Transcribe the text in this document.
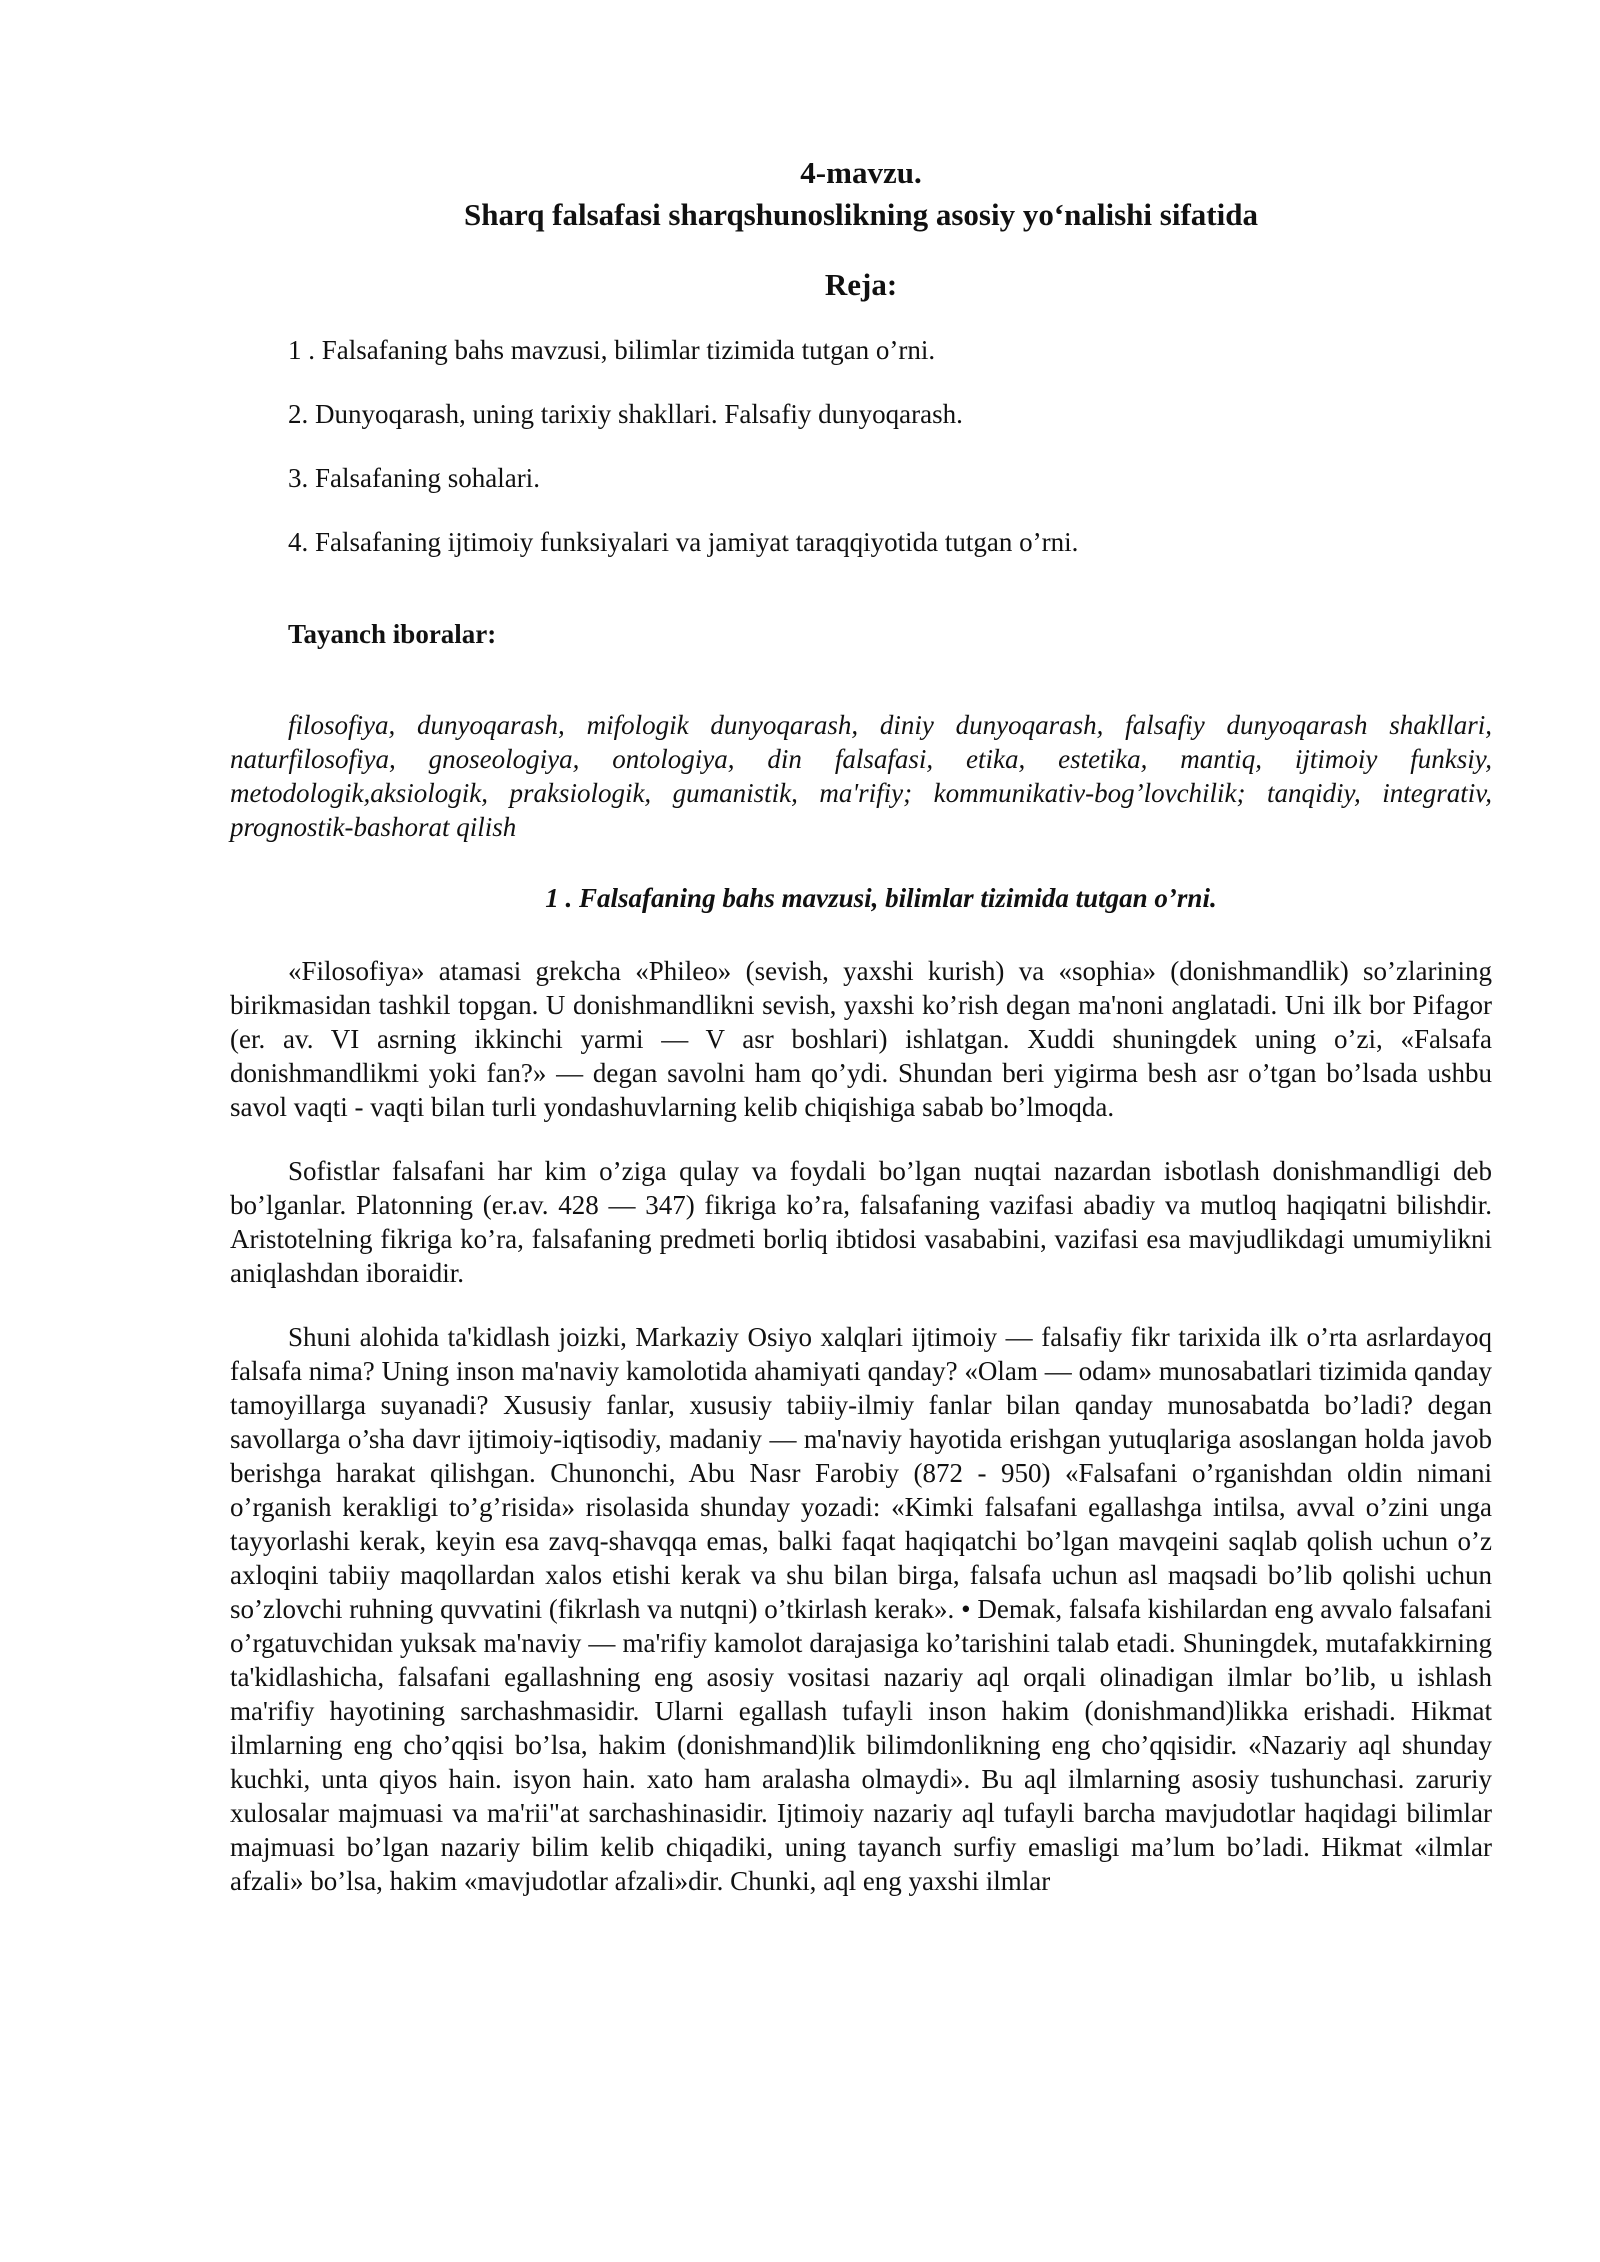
4-mavzu.
Sharq falsafasi sharqshunoslikning asosiy yo‘nalishi sifatida
Reja:
1 . Falsafaning bahs mavzusi, bilimlar tizimida tutgan o’rni.
2. Dunyoqarash, uning tarixiy shakllari. Falsafiy dunyoqarash.
3. Falsafaning sohalari.
4. Falsafaning ijtimoiy funksiyalari va jamiyat taraqqiyotida tutgan o’rni.
Tayanch iboralar:

filosofiya, dunyoqarash, mifologik dunyoqarash, diniy dunyoqarash, falsafiy dunyoqarash shakllari, naturfilosofiya, gnoseologiya, ontologiya, din falsafasi, etika, estetika, mantiq, ijtimoiy funksiy, metodologik,aksiologik, praksiologik, gumanistik, ma'rifiy; kommunikativ-bog’lovchilik; tanqidiy, integrativ, prognostik-bashorat qilish

1 . Falsafaning bahs mavzusi, bilimlar tizimida tutgan o’rni.

«Filosofiya» atamasi grekcha «Phileo» (sevish, yaxshi kurish) va «sophia» (donishmandlik) so’zlarining birikmasidan tashkil topgan. U donishmandlikni sevish, yaxshi ko’rish degan ma'noni anglatadi. Uni ilk bor Pifagor (er. av. VI asrning ikkinchi yarmi — V asr boshlari) ishlatgan. Xuddi shuningdek uning o’zi, «Falsafa donishmandlikmi yoki fan?» — degan savolni ham qo’ydi. Shundan beri yigirma besh asr o’tgan bo’lsada ushbu savol vaqti - vaqti bilan turli yondashuvlarning kelib chiqishiga sabab bo’lmoqda.

Sofistlar falsafani har kim o’ziga qulay va foydali bo’lgan nuqtai nazardan isbotlash donishmandligi deb bo’lganlar. Platonning (er.av. 428 — 347) fikriga ko’ra, falsafaning vazifasi abadiy va mutloq haqiqatni bilishdir. Aristotelning fikriga ko’ra, falsafaning predmeti borliq ibtidosi vasababini, vazifasi esa mavjudlikdagi umumiylikni aniqlashdan iboraidir.

Shuni alohida ta'kidlash joizki, Markaziy Osiyo xalqlari ijtimoiy — falsafiy fikr tarixida ilk o’rta asrlardayoq falsafa nima? Uning inson ma'naviy kamolotida ahamiyati qanday? «Olam — odam» munosabatlari tizimida qanday tamoyillarga suyanadi? Xususiy fanlar, xususiy tabiiy-ilmiy fanlar bilan qanday munosabatda bo’ladi? degan savollarga o’sha davr ijtimoiy-iqtisodiy, madaniy — ma'naviy hayotida erishgan yutuqlariga asoslangan holda javob berishga harakat qilishgan. Chunonchi, Abu Nasr Farobiy (872 - 950) «Falsafani o’rganishdan oldin nimani o’rganish kerakligi to’g’risida» risolasida shunday yozadi: «Kimki falsafani egallashga intilsa, avval o’zini unga tayyorlashi kerak, keyin esa zavq-shavqqa emas, balki faqat haqiqatchi bo’lgan mavqeini saqlab qolish uchun o’z axloqini tabiiy maqollardan xalos etishi kerak va shu bilan birga, falsafa uchun asl maqsadi bo’lib qolishi uchun so’zlovchi ruhning quvvatini (fikrlash va nutqni) o’tkirlash kerak». • Demak, falsafa kishilardan eng avvalo falsafani o’rgatuvchidan yuksak ma'naviy — ma'rifiy kamolot darajasiga ko’tarishini talab etadi. Shuningdek, mutafakkirning ta'kidlashicha, falsafani egallashning eng asosiy vositasi nazariy aql orqali olinadigan ilmlar bo’lib, u ishlash ma'rifiy hayotining sarchashmasidir. Ularni egallash tufayli inson hakim (donishmand)likka erishadi. Hikmat ilmlarning eng cho’qqisi bo’lsa, hakim (donishmand)lik bilimdonlikning eng cho’qqisidir. «Nazariy aql shunday kuchki, unta qiyos hain. isyon hain. xato ham aralasha olmaydi». Bu aql ilmlarning asosiy tushunchasi. zaruriy xulosalar majmuasi va ma'rii"at sarchashinasidir. Ijtimoiy nazariy aql tufayli barcha mavjudotlar haqidagi bilimlar majmuasi bo’lgan nazariy bilim kelib chiqadiki, uning tayanch surfiy emasligi ma’lum bo’ladi. Hikmat «ilmlar afzali» bo’lsa, hakim «mavjudotlar afzali»dir. Chunki, aql eng yaxshi ilmlar
